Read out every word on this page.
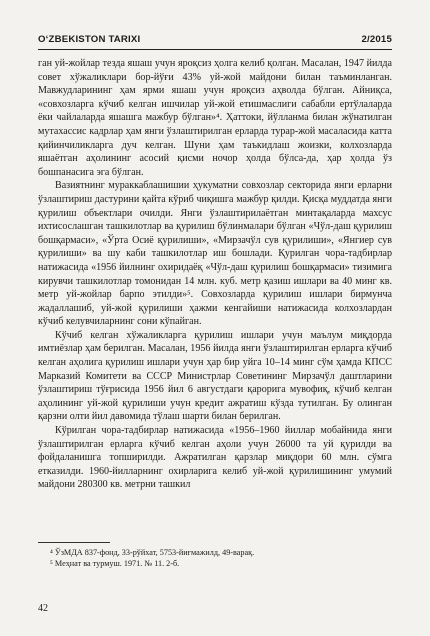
O‘ZBEKISTON TARIXI	2/2015

ган уй-жойлар тезда яшаш учун яроқсиз ҳолга келиб қолган. Масалан, 1947 йилда совет хўжаликлари бор-йўғи 43% уй-жой майдони билан таъминланган. Мавжудларининг ҳам ярми яшаш учун яроқсиз аҳволда бўлган. Айниқса, «совхозларга кўчиб келган ишчилар уй-жой етишмаслиги сабабли ертўлаларда ёки чайлаларда яшашга мажбур бўлган»⁴. Ҳаттоки, йўлланма билан жўнатилган мутахассис кадрлар ҳам янги ўзлаштирилган ерларда турар-жой масаласида катта қийинчиликларга дуч келган. Шуни ҳам таъкидлаш жоизки, колхозларда яшаётган аҳолининг асосий қисми ночор ҳолда бўлса-да, ҳар ҳолда ўз бошпанасига эга бўлган.

Вазиятнинг мураккаблашишии ҳукуматни совхозлар секторида янги ерларни ўзлаштириш дастурини қайта кўриб чиқишга мажбур қилди. Қисқа муддатда янги қурилиш объектлари очилди. Янги ўзлаштирилаётган минтақаларда махсус ихтисослашган ташкилотлар ва қурилиш бўлинмалари бўлган «Чўл-даш қурилиш бошқармаси», «Ўрта Осиё қурилиши», «Мирзачўл сув қурилиши», «Янгиер сув қурилиши» ва шу каби ташкилотлар иш бошлади. Қурилган чора-тадбирлар натижасида «1956 йилнинг охиридаёқ «Чўл-даш қурилиш бошқармаси» тизимига кирувчи ташкилотлар томонидан 14 млн. куб. метр қазиш ишлари ва 40 минг кв. метр уй-жойлар барпо этилди»⁵. Совхозларда қурилиш ишлари бирмунча жадаллашиб, уй-жой қурилиши ҳажми кенгайиши натижасида колхозлардан кўчиб келувчиларнинг сони кўпайган.

Кўчиб келган хўжаликларга қурилиш ишлари учун маълум миқдорда имтиёзлар ҳам берилган. Масалан, 1956 йилда янги ўзлаштирилган ерларга кўчиб келган аҳолига қурилиш ишлари учун ҳар бир уйга 10–14 минг сўм ҳамда КПСС Марказий Комитети ва СССР Министрлар Советининг Мирзачўл даштларини ўзлаштириш тўғрисида 1956 йил 6 августдаги қарорига мувофиқ, кўчиб келган аҳолининг уй-жой қурилиши учун кредит ажратиш кўзда тутилган. Бу олинган қарзни олти йил давомида тўлаш шарти билан берилган.

Кўрилган чора-тадбирлар натижасида «1956–1960 йиллар мобайнида янги ўзлаштирилган ерларга кўчиб келган аҳоли учун 26000 та уй қурилди ва фойдаланишга топширилди. Ажратилган қарзлар миқдори 60 млн. сўмга етказилди. 1960-йилларнинг охирларига келиб уй-жой қурилишининг умумий майдони 280300 кв. метрни ташкил

⁴ ЎзМДА 837-фонд, 33-рўйхат, 5753-йиғмажилд, 49-варақ.
⁵ Меҳнат ва турмуш. 1971. № 11. 2-б.
42
